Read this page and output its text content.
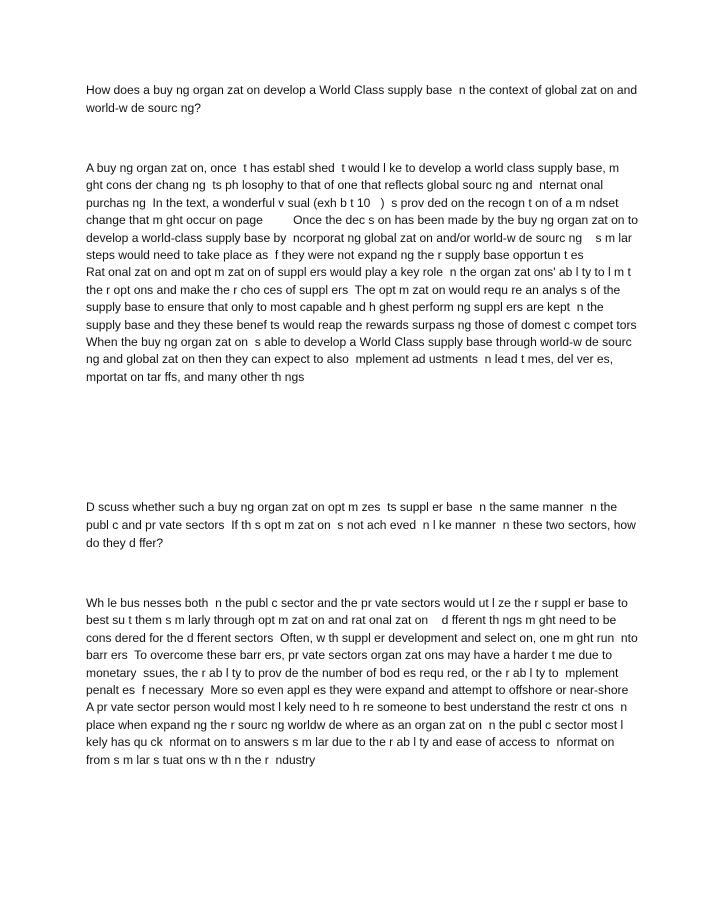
How does a buy ng organ zat on develop a World Class supply base  n the context of global zat on and world-w de sourc ng?

A buy ng organ zat on, once  t has establ shed  t would l ke to develop a world class supply base, m ght cons der chang ng  ts ph losophy to that of one that reflects global sourc ng and  nternat onal purchas ng  In the text, a wonderful v sual (exh b t 10   )  s prov ded on the recogn t on of a m ndset change that m ght occur on page         Once the dec s on has been made by the buy ng organ zat on to develop a world-class supply base by  ncorporat ng global zat on and/or world-w de sourc ng    s m lar steps would need to take place as  f they were not expand ng the r supply base opportun t es
Rat onal zat on and opt m zat on of suppl ers would play a key role  n the organ zat ons' ab l ty to l m t the r opt ons and make the r cho ces of suppl ers  The opt m zat on would requ re an analys s of the supply base to ensure that only to most capable and h ghest perform ng suppl ers are kept  n the supply base and they these benef ts would reap the rewards surpass ng those of domest c compet tors  When the buy ng organ zat on  s able to develop a World Class supply base through world-w de sourc ng and global zat on then they can expect to also  mplement ad ustments  n lead t mes, del ver es,  mportat on tar ffs, and many other th ngs

D scuss whether such a buy ng organ zat on opt m zes  ts suppl er base  n the same manner  n the publ c and pr vate sectors  If th s opt m zat on  s not ach eved  n l ke manner  n these two sectors, how do they d ffer?

Wh le bus nesses both  n the publ c sector and the pr vate sectors would ut l ze the r suppl er base to best su t them s m larly through opt m zat on and rat onal zat on    d fferent th ngs m ght need to be cons dered for the d fferent sectors  Often, w th suppl er development and select on, one m ght run  nto barr ers  To overcome these barr ers, pr vate sectors organ zat ons may have a harder t me due to monetary  ssues, the r ab l ty to prov de the number of bod es requ red, or the r ab l ty to  mplement penalt es  f necessary  More so even appl es they were expand and attempt to offshore or near-shore  A pr vate sector person would most l kely need to h re someone to best understand the restr ct ons  n place when expand ng the r sourc ng worldw de where as an organ zat on  n the publ c sector most l kely has qu ck  nformat on to answers s m lar due to the r ab l ty and ease of access to  nformat on from s m lar s tuat ons w th n the r  ndustry
